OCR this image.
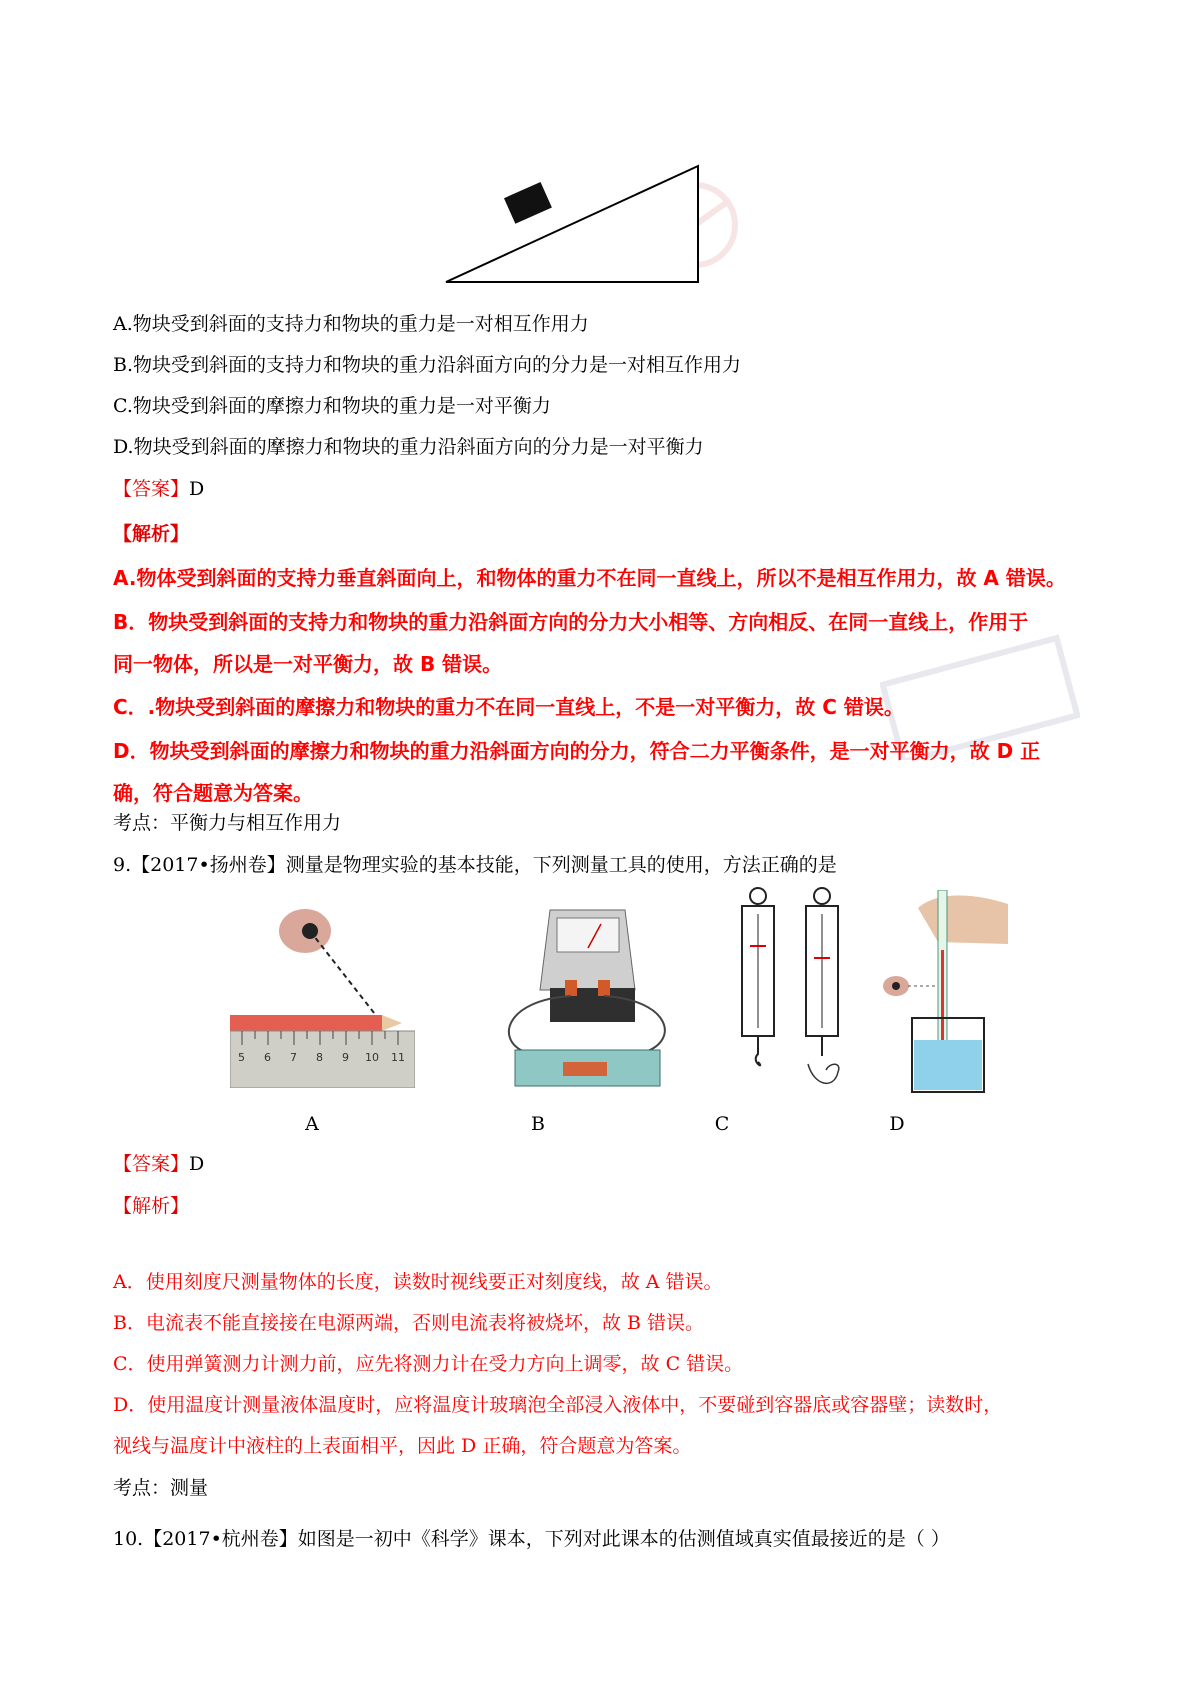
A.物块受到斜面的支持力和物块的重力是一对相互作用力
B.物块受到斜面的支持力和物块的重力沿斜面方向的分力是一对相互作用力
C.物块受到斜面的摩擦力和物块的重力是一对平衡力
D.物块受到斜面的摩擦力和物块的重力沿斜面方向的分力是一对平衡力
【答案】D
【解析】
A.物体受到斜面的支持力垂直斜面向上，和物体的重力不在同一直线上，所以不是相互作用力，故 A 错误。
B．物块受到斜面的支持力和物块的重力沿斜面方向的分力大小相等、方向相反、在同一直线上，作用于
同一物体，所以是一对平衡力，故 B 错误。
C．.物块受到斜面的摩擦力和物块的重力不在同一直线上，不是一对平衡力，故 C 错误。
D．物块受到斜面的摩擦力和物块的重力沿斜面方向的分力，符合二力平衡条件，是一对平衡力，故 D 正
确，符合题意为答案。
考点：平衡力与相互作用力
9.【2017•扬州卷】测量是物理实验的基本技能，下列测量工具的使用，方法正确的是
5 6 7 8 9 10 11
A	B	C	D
【答案】D
【解析】
A．使用刻度尺测量物体的长度，读数时视线要正对刻度线，故 A 错误。
B．电流表不能直接接在电源两端，否则电流表将被烧坏，故 B 错误。
C．使用弹簧测力计测力前，应先将测力计在受力方向上调零，故 C 错误。
D．使用温度计测量液体温度时，应将温度计玻璃泡全部浸入液体中，不要碰到容器底或容器壁；读数时，
视线与温度计中液柱的上表面相平，因此 D 正确，符合题意为答案。
考点：测量
10.【2017•杭州卷】如图是一初中《科学》课本，下列对此课本的估测值域真实值最接近的是（ ）
